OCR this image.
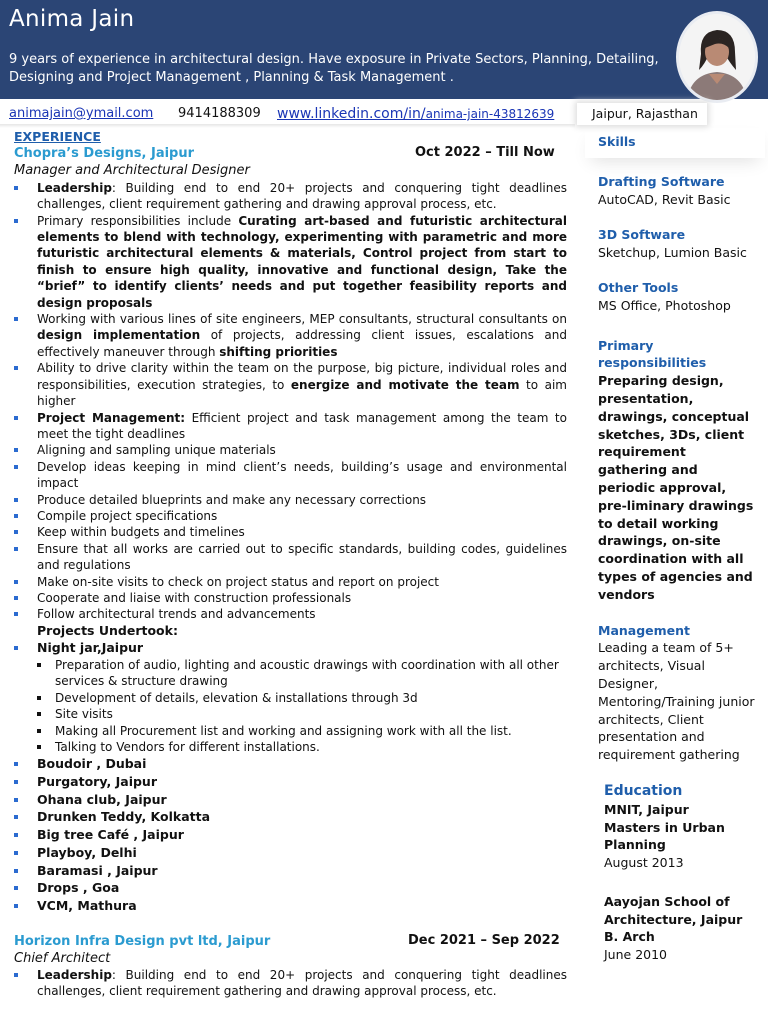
Anima Jain
9 years of experience in architectural design. Have exposure in Private Sectors, Planning, Detailing, Designing and Project Management , Planning & Task Management .
animajain@ymail.com 9414188309 www.linkedin.com/in/anima-jain-43812639	Jaipur, Rajasthan
EXPERIENCE
Chopra’s Designs, Jaipur	Oct 2022 – Till Now
Manager and Architectural Designer
Leadership: Building end to end 20+ projects and conquering tight deadlines challenges, client requirement gathering and drawing approval process, etc.
Primary responsibilities include Curating art-based and futuristic architectural elements to blend with technology, experimenting with parametric and more futuristic architectural elements & materials, Control project from start to finish to ensure high quality, innovative and functional design, Take the “brief” to identify clients’ needs and put together feasibility reports and design proposals
Working with various lines of site engineers, MEP consultants, structural consultants on design implementation of projects, addressing client issues, escalations and effectively maneuver through shifting priorities
Ability to drive clarity within the team on the purpose, big picture, individual roles and responsibilities, execution strategies, to energize and motivate the team to aim higher
Project Management: Efficient project and task management among the team to meet the tight deadlines
Aligning and sampling unique materials
Develop ideas keeping in mind client’s needs, building’s usage and environmental impact
Produce detailed blueprints and make any necessary corrections
Compile project specifications
Keep within budgets and timelines
Ensure that all works are carried out to specific standards, building codes, guidelines and regulations
Make on-site visits to check on project status and report on project
Cooperate and liaise with construction professionals
Follow architectural trends and advancements
Projects Undertook:
Night jar,Jaipur
Preparation of audio, lighting and acoustic drawings with coordination with all other services & structure drawing
Development of details, elevation & installations through 3d
Site visits
Making all Procurement list and working and assigning work with all the list.
Talking to Vendors for different installations.
Boudoir , Dubai
Purgatory, Jaipur
Ohana club, Jaipur
Drunken Teddy, Kolkatta
Big tree Café , Jaipur
Playboy, Delhi
Baramasi , Jaipur
Drops , Goa
VCM, Mathura
Horizon Infra Design pvt ltd, Jaipur	Dec 2021 – Sep 2022
Chief Architect
Leadership: Building end to end 20+ projects and conquering tight deadlines challenges, client requirement gathering and drawing approval process, etc.
Skills
Drafting Software
AutoCAD, Revit Basic
3D Software
Sketchup, Lumion Basic
Other Tools
MS Office, Photoshop
Primary responsibilities
Preparing design, presentation, drawings, conceptual sketches, 3Ds, client requirement gathering and periodic approval, pre-liminary drawings to detail working drawings, on-site coordination with all types of agencies and vendors
Management
Leading a team of 5+ architects, Visual Designer, Mentoring/Training junior architects, Client presentation and requirement gathering
Education
MNIT, Jaipur
Masters in Urban Planning
August 2013
Aayojan School of Architecture, Jaipur
B. Arch
June 2010
